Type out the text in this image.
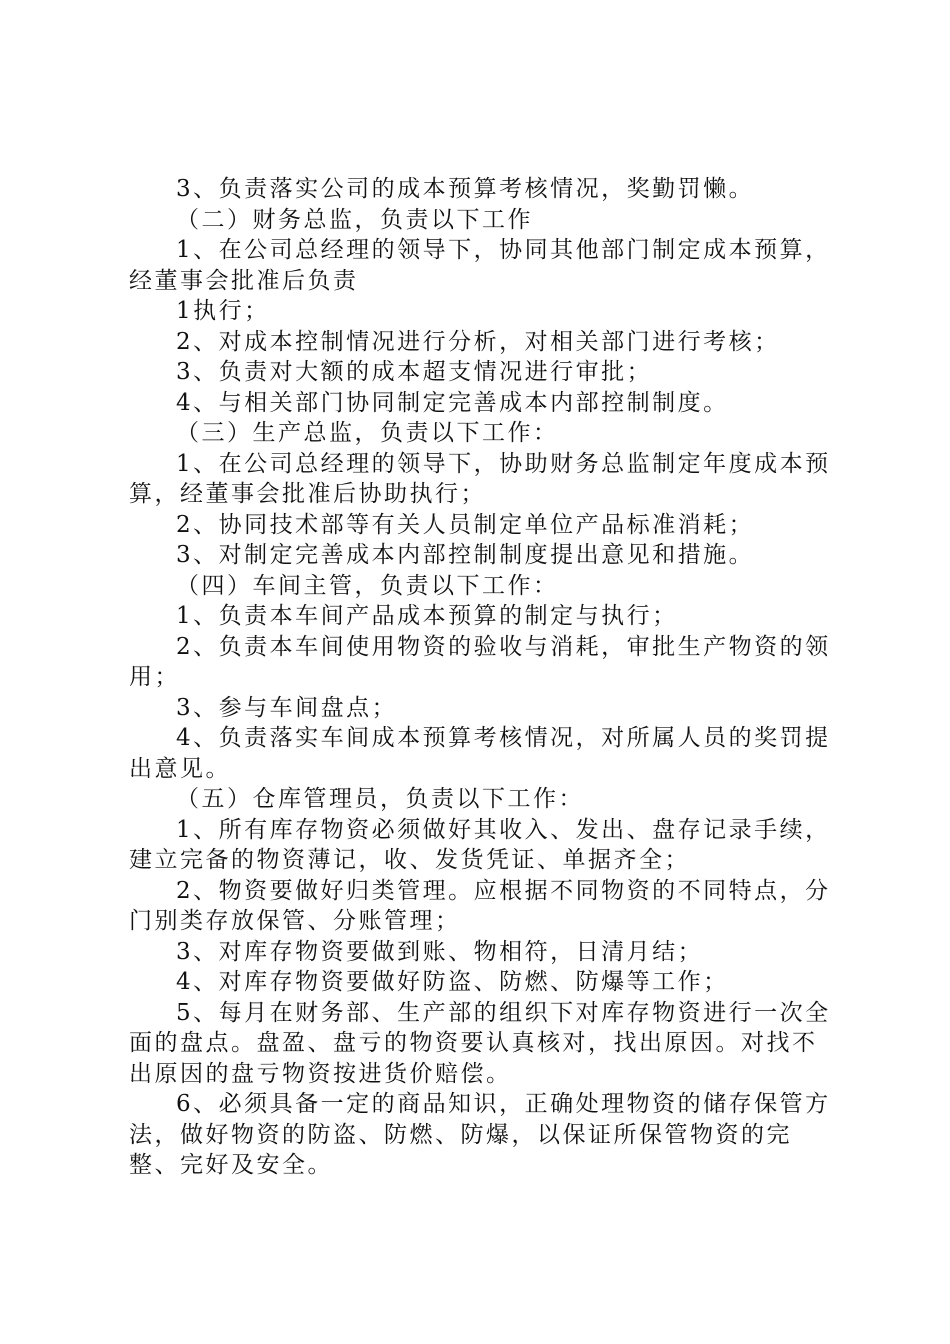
3、负责落实公司的成本预算考核情况，奖勤罚懒。

（二）财务总监，负责以下工作

1、在公司总经理的领导下，协同其他部门制定成本预算，经董事会批准后负责

1执行；

2、对成本控制情况进行分析，对相关部门进行考核；

3、负责对大额的成本超支情况进行审批；

4、与相关部门协同制定完善成本内部控制制度。

（三）生产总监，负责以下工作：

1、在公司总经理的领导下，协助财务总监制定年度成本预算，经董事会批准后协助执行；

2、协同技术部等有关人员制定单位产品标准消耗；

3、对制定完善成本内部控制制度提出意见和措施。

（四）车间主管，负责以下工作：

1、负责本车间产品成本预算的制定与执行；

2、负责本车间使用物资的验收与消耗，审批生产物资的领用；

3、参与车间盘点；

4、负责落实车间成本预算考核情况，对所属人员的奖罚提出意见。

（五）仓库管理员，负责以下工作：

1、所有库存物资必须做好其收入、发出、盘存记录手续，建立完备的物资薄记，收、发货凭证、单据齐全；

2、物资要做好归类管理。应根据不同物资的不同特点，分门别类存放保管、分账管理；

3、对库存物资要做到账、物相符，日清月结；

4、对库存物资要做好防盗、防燃、防爆等工作；

5、每月在财务部、生产部的组织下对库存物资进行一次全面的盘点。盘盈、盘亏的物资要认真核对，找出原因。对找不出原因的盘亏物资按进货价赔偿。

6、必须具备一定的商品知识，正确处理物资的储存保管方法，做好物资的防盗、防燃、防爆，以保证所保管物资的完整、完好及安全。
